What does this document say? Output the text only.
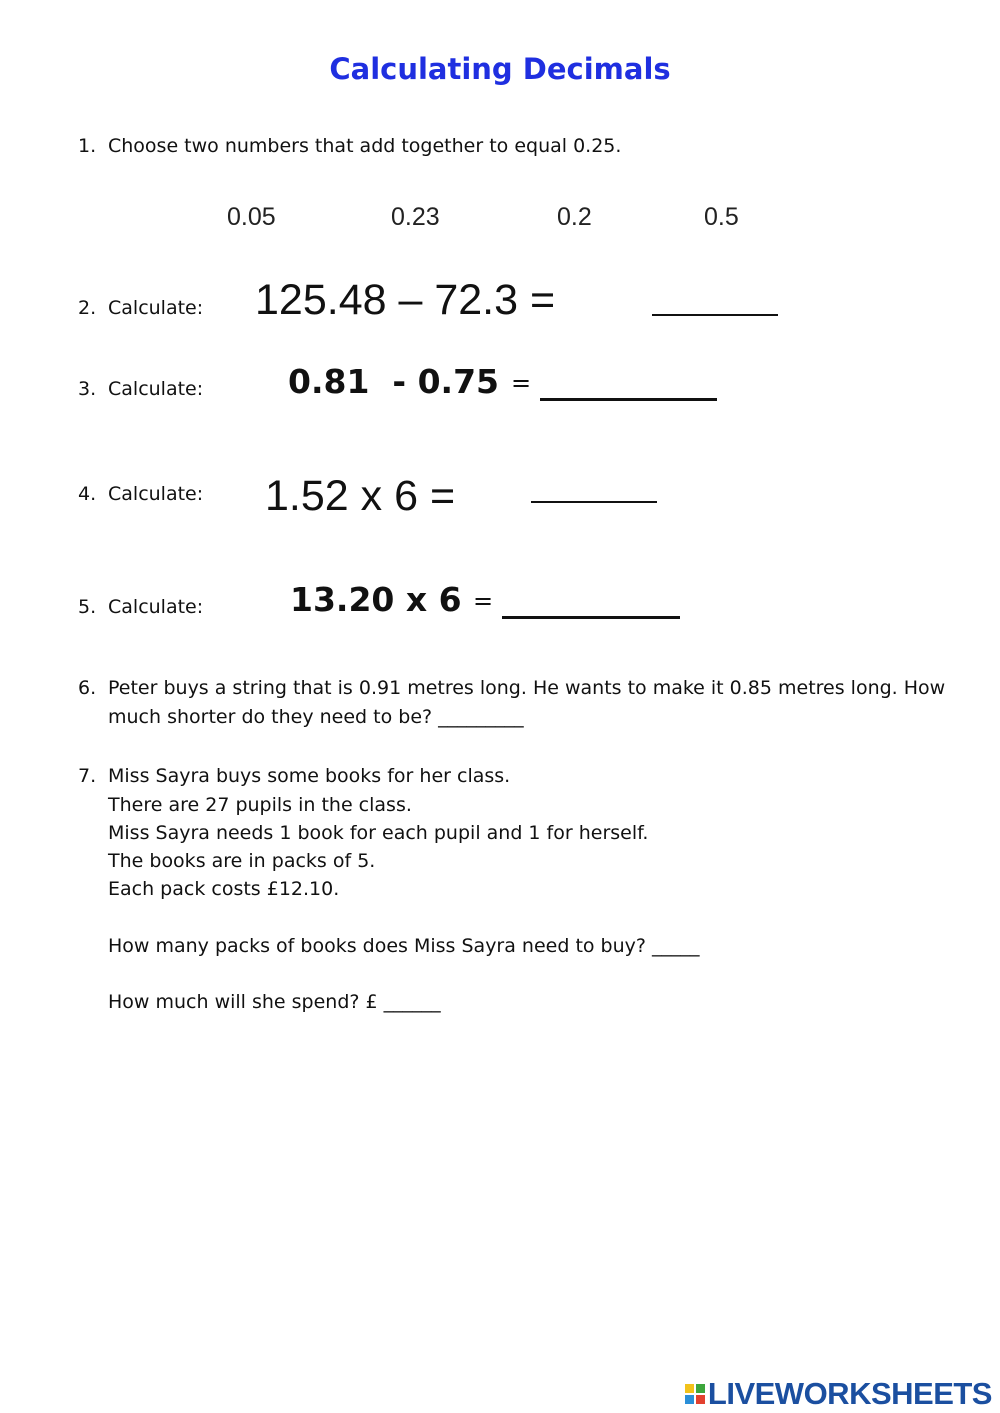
Calculating Decimals
1. Choose two numbers that add together to equal 0.25.
0.05	0.23	0.2	0.5
2. Calculate: 125.48 – 72.3 =
3. Calculate:	0.81  - 0.75 =
4. Calculate: 1.52 x 6 =
5. Calculate:	13.20 x 6 =
6. Peter buys a string that is 0.91 metres long. He wants to make it 0.85 metres long. How
much shorter do they need to be? _________
7. Miss Sayra buys some books for her class.
There are 27 pupils in the class.
Miss Sayra needs 1 book for each pupil and 1 for herself.
The books are in packs of 5.
Each pack costs £12.10.
How many packs of books does Miss Sayra need to buy? _____
How much will she spend? £ ______
LIVEWORKSHEETS
